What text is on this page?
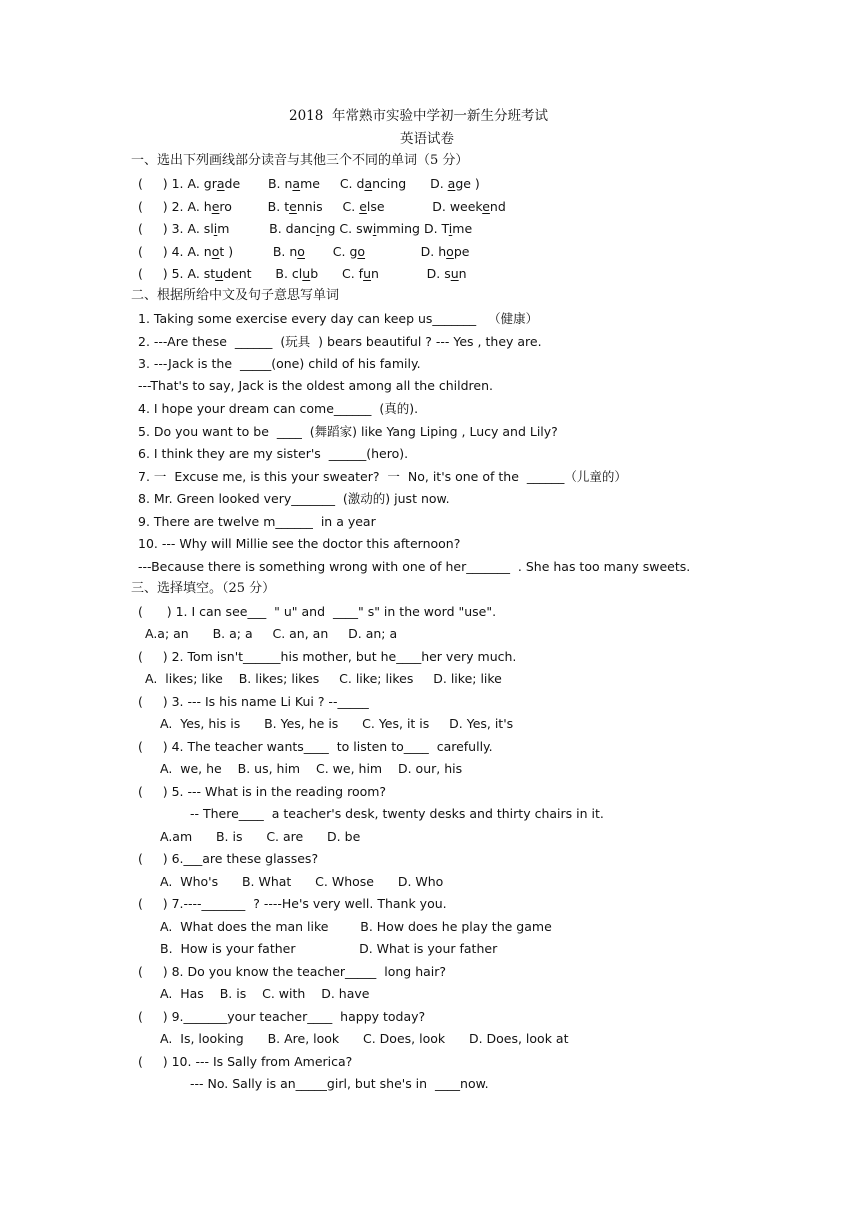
2018  年常熟市实验中学初一新生分班考试
英语试卷
一、选出下列画线部分读音与其他三个不同的单词（5 分）
(     ) 1. A. grade       B. name     C. dancing      D. age )
(     ) 2. A. hero         B. tennis     C. else            D. weekend
(     ) 3. A. slim          B. dancing C. swimming D. Time
(     ) 4. A. not )          B. no       C. go              D. hope
(     ) 5. A. student      B. club      C. fun            D. sun
二、根据所给中文及句子意思写单词
1. Taking some exercise every day can keep us_______   （健康）
2. ---Are these  ______  (玩具  ) bears beautiful ? --- Yes , they are.
3. ---Jack is the  _____(one) child of his family.
---That's to say, Jack is the oldest among all the children.
4. I hope your dream can come______  (真的).
5. Do you want to be  ____  (舞蹈家) like Yang Liping , Lucy and Lily?
6. I think they are my sister's  ______(hero).
7. 一  Excuse me, is this your sweater?  一  No, it's one of the  ______（儿童的）
8. Mr. Green looked very_______  (激动的) just now.
9. There are twelve m______  in a year
10. --- Why will Millie see the doctor this afternoon?
---Because there is something wrong with one of her_______  . She has too many sweets.
三、选择填空。（25 分）
(      ) 1. I can see___  " u" and  ____" s" in the word "use".
A.a; an      B. a; a     C. an, an     D. an; a
(     ) 2. Tom isn't______his mother, but he____her very much.
A.  likes; like    B. likes; likes     C. like; likes     D. like; like
(     ) 3. --- Is his name Li Kui ? --_____
A.  Yes, his is      B. Yes, he is      C. Yes, it is     D. Yes, it's
(     ) 4. The teacher wants____  to listen to____  carefully.
A.  we, he    B. us, him    C. we, him    D. our, his
(     ) 5. --- What is in the reading room?
-- There____  a teacher's desk, twenty desks and thirty chairs in it.
A.am      B. is      C. are      D. be
(     ) 6.___are these glasses?
A.  Who's      B. What      C. Whose      D. Who
(     ) 7.----_______  ? ----He's very well. Thank you.
A.  What does the man like        B. How does he play the game
B.  How is your father                D. What is your father
(     ) 8. Do you know the teacher_____  long hair?
A.  Has    B. is    C. with    D. have
(     ) 9._______your teacher____  happy today?
A.  Is, looking      B. Are, look      C. Does, look      D. Does, look at
(     ) 10. --- Is Sally from America?
--- No. Sally is an_____girl, but she's in  ____now.
